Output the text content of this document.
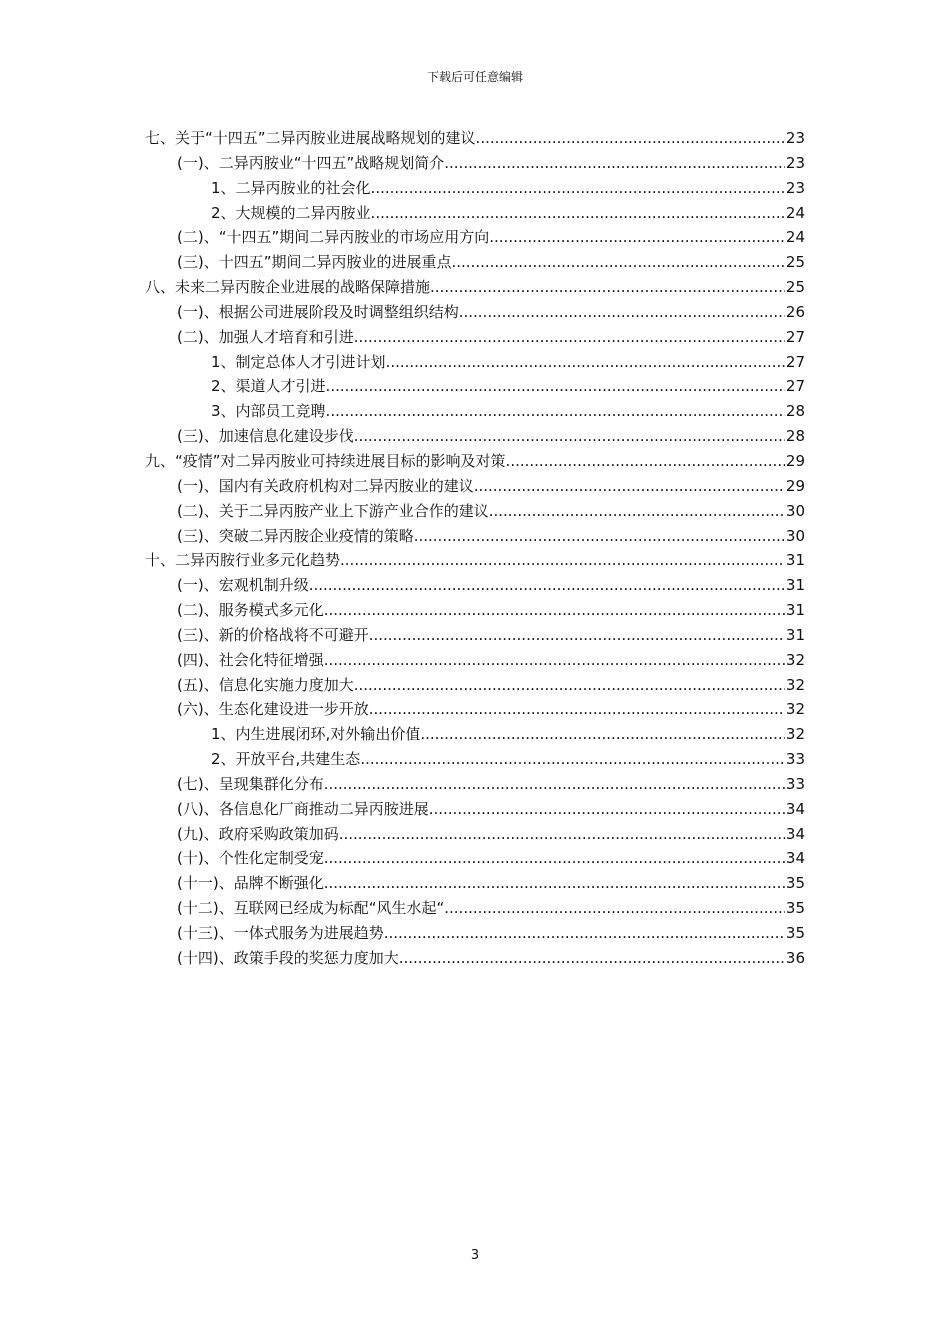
下载后可任意编辑
七、关于“十四五”二异丙胺业进展战略规划的建议 .....	23
(一)、二异丙胺业“十四五”战略规划简介 .....	23
1、二异丙胺业的社会化 .....	23
2、大规模的二异丙胺业 .....	24
(二)、“十四五”期间二异丙胺业的市场应用方向 .....	24
(三)、十四五”期间二异丙胺业的进展重点 .....	25
八、未来二异丙胺企业进展的战略保障措施 .....	25
(一)、根据公司进展阶段及时调整组织结构 .....	26
(二)、加强人才培育和引进 .....	27
1、制定总体人才引进计划 .....	27
2、渠道人才引进 .....	27
3、内部员工竞聘 .....	28
(三)、加速信息化建设步伐 .....	28
九、“疫情”对二异丙胺业可持续进展目标的影响及对策 .....	29
(一)、国内有关政府机构对二异丙胺业的建议 .....	29
(二)、关于二异丙胺产业上下游产业合作的建议 .....	30
(三)、突破二异丙胺企业疫情的策略 .....	30
十、二异丙胺行业多元化趋势 .....	31
(一)、宏观机制升级 .....	31
(二)、服务模式多元化 .....	31
(三)、新的价格战将不可避开 .....	31
(四)、社会化特征增强 .....	32
(五)、信息化实施力度加大 .....	32
(六)、生态化建设进一步开放 .....	32
1、内生进展闭环,对外输出价值 .....	32
2、开放平台,共建生态 .....	33
(七)、呈现集群化分布 .....	33
(八)、各信息化厂商推动二异丙胺进展 .....	34
(九)、政府采购政策加码 .....	34
(十)、个性化定制受宠 .....	34
(十一)、品牌不断强化 .....	35
(十二)、互联网已经成为标配“风生水起“ .....	35
(十三)、一体式服务为进展趋势 .....	35
(十四)、政策手段的奖惩力度加大 .....	36
3
